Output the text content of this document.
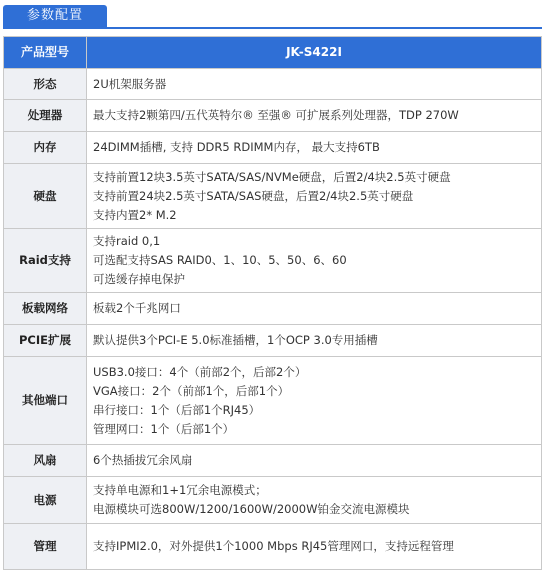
参数配置
产品型号	JK-S422I
形态	2U机架服务器

处理器	最大支持2颗第四/五代英特尔® 至强® 可扩展系列处理器，TDP 270W

内存	24DIMM插槽, 支持 DDR5 RDIMM内存， 最大支持6TB

硬盘	支持前置12块3.5英寸SATA/SAS/NVMe硬盘，后置2/4块2.5英寸硬盘
支持前置24块2.5英寸SATA/SAS硬盘，后置2/4块2.5英寸硬盘
支持内置2* M.2

Raid支持	支持raid 0,1
可选配支持SAS RAID0、1、10、5、50、6、60
可选缓存掉电保护

板载网络	板载2个千兆网口

PCIE扩展	默认提供3个PCI-E 5.0标准插槽，1个OCP 3.0专用插槽

其他端口	USB3.0接口：4个（前部2个，后部2个）
VGA接口：2个（前部1个，后部1个）
串行接口：1个（后部1个RJ45）
管理网口：1个（后部1个）

风扇	6个热插拔冗余风扇

电源	支持单电源和1+1冗余电源模式；
电源模块可选800W/1200/1600W/2000W铂金交流电源模块

管理	支持IPMI2.0，对外提供1个1000 Mbps RJ45管理网口，支持远程管理
